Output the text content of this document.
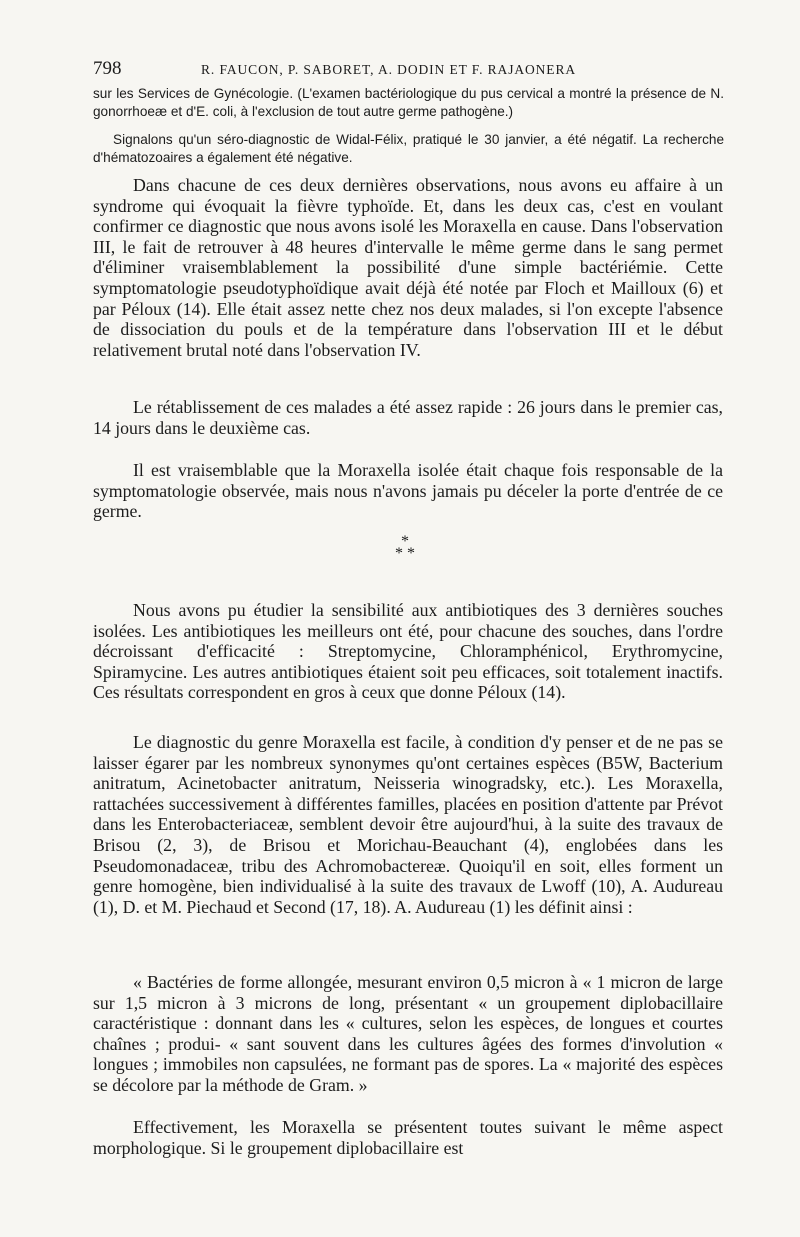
798	R. FAUCON, P. SABORET, A. DODIN ET F. RAJAONERA

sur les Services de Gynécologie. (L'examen bactériologique du pus cervical a montré la présence de N. gonorrhoeæ et d'E. coli, à l'exclusion de tout autre germe pathogène.)

Signalons qu'un séro-diagnostic de Widal-Félix, pratiqué le 30 janvier, a été négatif. La recherche d'hématozoaires a également été négative.

Dans chacune de ces deux dernières observations, nous avons eu affaire à un syndrome qui évoquait la fièvre typhoïde. Et, dans les deux cas, c'est en voulant confirmer ce diagnostic que nous avons isolé les Moraxella en cause. Dans l'observation III, le fait de retrouver à 48 heures d'intervalle le même germe dans le sang permet d'éliminer vraisemblablement la possibilité d'une simple bactériémie. Cette symptomatologie pseudotyphoïdique avait déjà été notée par Floch et Mailloux (6) et par Péloux (14). Elle était assez nette chez nos deux malades, si l'on excepte l'absence de dissociation du pouls et de la température dans l'observation III et le début relativement brutal noté dans l'observation IV.

Le rétablissement de ces malades a été assez rapide : 26 jours dans le premier cas, 14 jours dans le deuxième cas.

Il est vraisemblable que la Moraxella isolée était chaque fois responsable de la symptomatologie observée, mais nous n'avons jamais pu déceler la porte d'entrée de ce germe.

*
* *

Nous avons pu étudier la sensibilité aux antibiotiques des 3 dernières souches isolées. Les antibiotiques les meilleurs ont été, pour chacune des souches, dans l'ordre décroissant d'efficacité : Streptomycine, Chloramphénicol, Erythromycine, Spiramycine. Les autres antibiotiques étaient soit peu efficaces, soit totalement inactifs. Ces résultats correspondent en gros à ceux que donne Péloux (14).

Le diagnostic du genre Moraxella est facile, à condition d'y penser et de ne pas se laisser égarer par les nombreux synonymes qu'ont certaines espèces (B5W, Bacterium anitratum, Acinetobacter anitratum, Neisseria winogradsky, etc.). Les Moraxella, rattachées successivement à différentes familles, placées en position d'attente par Prévot dans les Enterobacteriaceæ, semblent devoir être aujourd'hui, à la suite des travaux de Brisou (2, 3), de Brisou et Morichau-Beauchant (4), englobées dans les Pseudomonadaceæ, tribu des Achromobactereæ. Quoiqu'il en soit, elles forment un genre homogène, bien individualisé à la suite des travaux de Lwoff (10), A. Audureau (1), D. et M. Piechaud et Second (17, 18). A. Audureau (1) les définit ainsi :

« Bactéries de forme allongée, mesurant environ 0,5 micron à « 1 micron de large sur 1,5 micron à 3 microns de long, présentant « un groupement diplobacillaire caractéristique : donnant dans les « cultures, selon les espèces, de longues et courtes chaînes ; produi- « sant souvent dans les cultures âgées des formes d'involution « longues ; immobiles non capsulées, ne formant pas de spores. La « majorité des espèces se décolore par la méthode de Gram. »

Effectivement, les Moraxella se présentent toutes suivant le même aspect morphologique. Si le groupement diplobacillaire est
